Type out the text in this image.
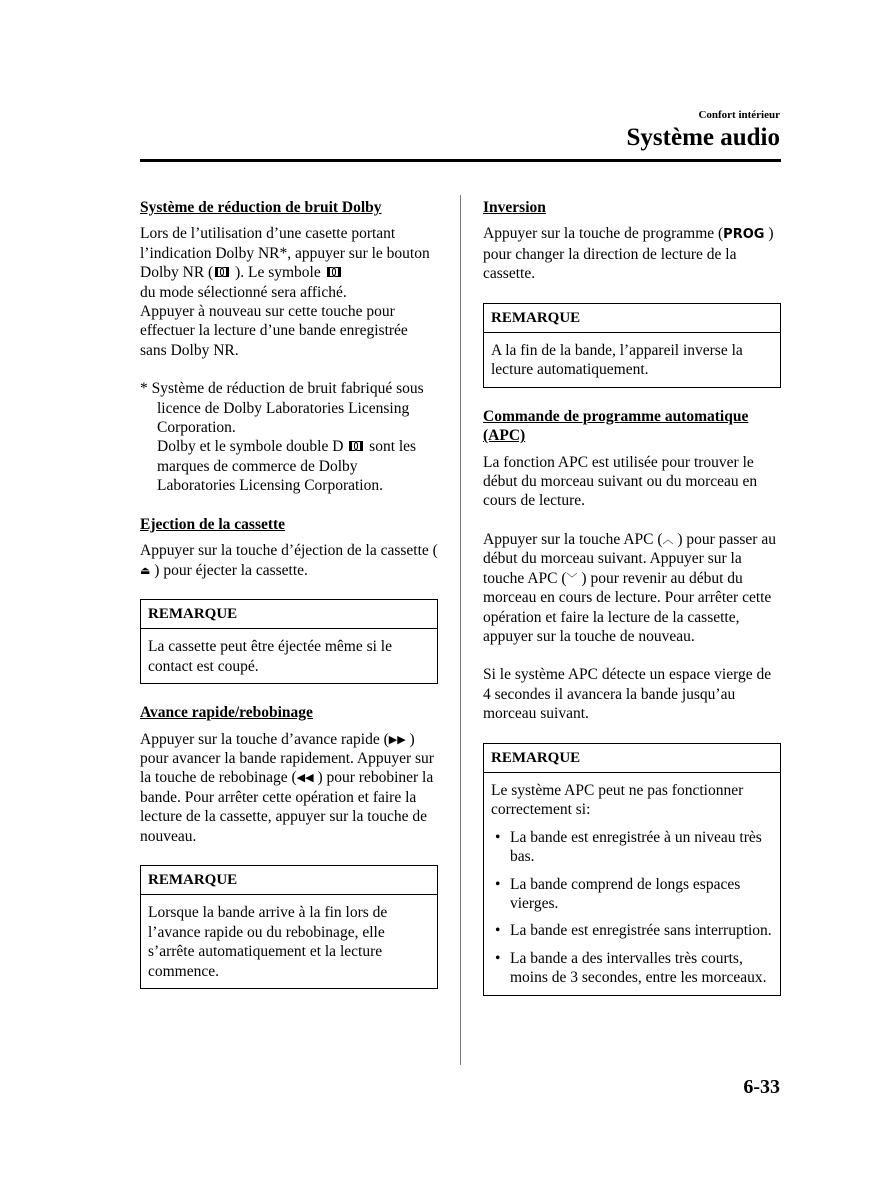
Confort intérieur
Système audio
Système de réduction de bruit Dolby

Lors de l’utilisation d’une casette portant l’indication Dolby NR*, appuyer sur le bouton Dolby NR ( ). Le symbole
du mode sélectionné sera affiché.

Appuyer à nouveau sur cette touche pour effectuer la lecture d’une bande enregistrée sans Dolby NR.

* Système de réduction de bruit fabriqué sous licence de Dolby Laboratories Licensing Corporation.
Dolby et le symbole double D sont les marques de commerce de Dolby Laboratories Licensing Corporation.
Ejection de la cassette

Appuyer sur la touche d’éjection de la cassette (⏏ ) pour éjecter la cassette.

REMARQUE
La cassette peut être éjectée même si le contact est coupé.
Avance rapide/rebobinage

Appuyer sur la touche d’avance rapide (▶▶ ) pour avancer la bande rapidement. Appuyer sur la touche de rebobinage (◀◀ ) pour rebobiner la bande. Pour arrêter cette opération et faire la lecture de la cassette, appuyer sur la touche de nouveau.

REMARQUE
Lorsque la bande arrive à la fin lors de l’avance rapide ou du rebobinage, elle s’arrête automatiquement et la lecture commence.
Inversion

Appuyer sur la touche de programme (PROG ) pour changer la direction de lecture de la cassette.

REMARQUE
A la fin de la bande, l’appareil inverse la lecture automatiquement.
Commande de programme automatique (APC)

La fonction APC est utilisée pour trouver le début du morceau suivant ou du morceau en cours de lecture.

Appuyer sur la touche APC (︿ ) pour passer au début du morceau suivant. Appuyer sur la touche APC (﹀ ) pour revenir au début du morceau en cours de lecture. Pour arrêter cette opération et faire la lecture de la cassette, appuyer sur la touche de nouveau.

Si le système APC détecte un espace vierge de 4 secondes il avancera la bande jusqu’au morceau suivant.

REMARQUE
Le système APC peut ne pas fonctionner correctement si:
• La bande est enregistrée à un niveau très bas.
• La bande comprend de longs espaces vierges.
• La bande est enregistrée sans interruption.
• La bande a des intervalles très courts, moins de 3 secondes, entre les morceaux.
6-33
